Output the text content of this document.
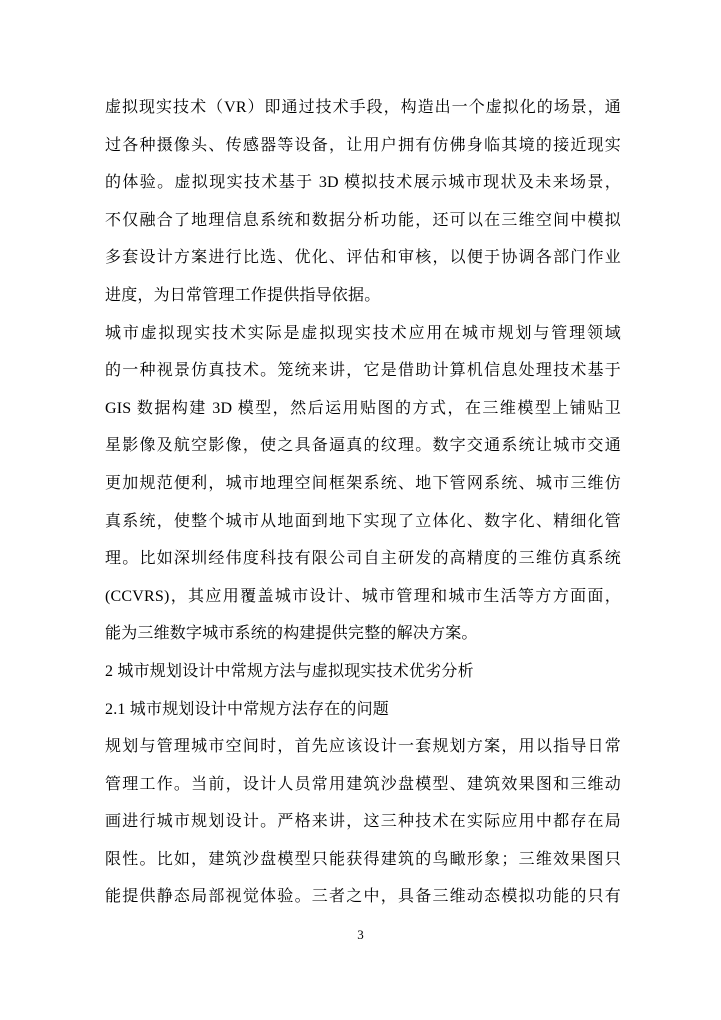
虚拟现实技术（VR）即通过技术手段，构造出一个虚拟化的场景，通
过各种摄像头、传感器等设备，让用户拥有仿佛身临其境的接近现实
的体验。虚拟现实技术基于 3D 模拟技术展示城市现状及未来场景，
不仅融合了地理信息系统和数据分析功能，还可以在三维空间中模拟
多套设计方案进行比选、优化、评估和审核，以便于协调各部门作业
进度，为日常管理工作提供指导依据。
城市虚拟现实技术实际是虚拟现实技术应用在城市规划与管理领域
的一种视景仿真技术。笼统来讲，它是借助计算机信息处理技术基于
GIS 数据构建 3D 模型，然后运用贴图的方式，在三维模型上铺贴卫
星影像及航空影像，使之具备逼真的纹理。数字交通系统让城市交通
更加规范便利，城市地理空间框架系统、地下管网系统、城市三维仿
真系统，使整个城市从地面到地下实现了立体化、数字化、精细化管
理。比如深圳经伟度科技有限公司自主研发的高精度的三维仿真系统
(CCVRS)，其应用覆盖城市设计、城市管理和城市生活等方方面面，
能为三维数字城市系统的构建提供完整的解决方案。
2 城市规划设计中常规方法与虚拟现实技术优劣分析
2.1 城市规划设计中常规方法存在的问题
规划与管理城市空间时，首先应该设计一套规划方案，用以指导日常
管理工作。当前，设计人员常用建筑沙盘模型、建筑效果图和三维动
画进行城市规划设计。严格来讲，这三种技术在实际应用中都存在局
限性。比如，建筑沙盘模型只能获得建筑的鸟瞰形象；三维效果图只
能提供静态局部视觉体验。三者之中，具备三维动态模拟功能的只有
3
